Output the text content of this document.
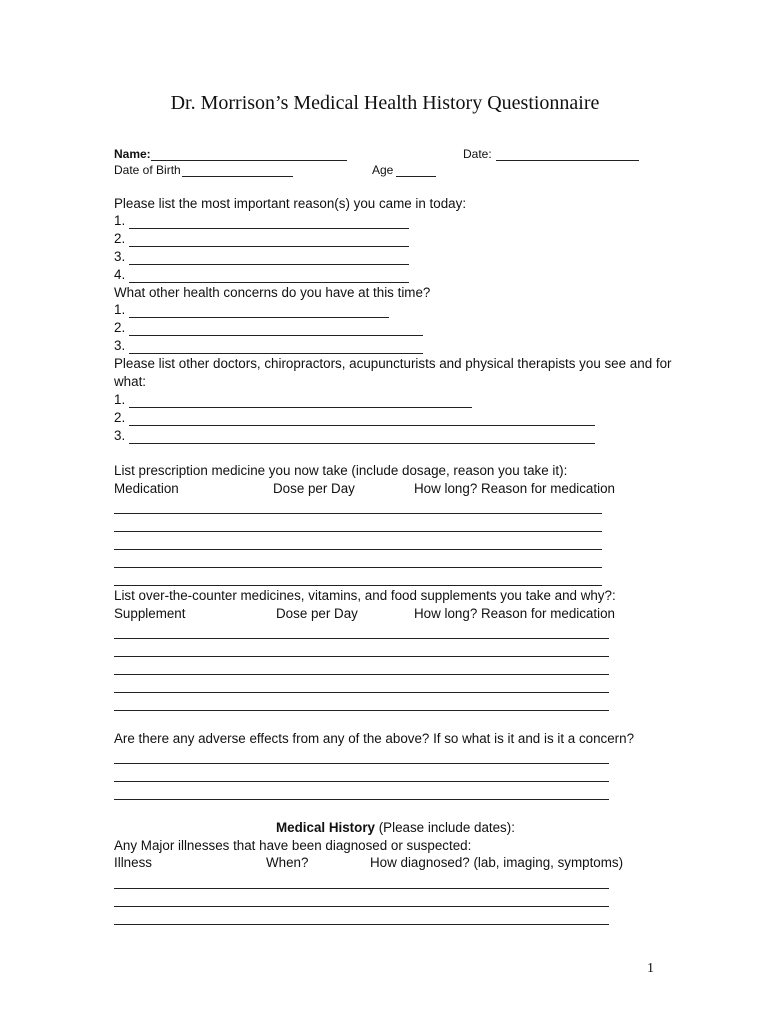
Dr. Morrison’s Medical Health History Questionnaire
Name:	Date:
Date of Birth	Age
Please list the most important reason(s) you came in today:
1.
2.
3.
4.
What other health concerns do you have at this time?
1.
2.
3.
Please list other doctors, chiropractors, acupuncturists and physical therapists you see and for
what:
1.
2.
3.
List prescription medicine you now take (include dosage, reason you take it):
Medication	Dose per Day	How long? Reason for medication
List over-the-counter medicines, vitamins, and food supplements you take and why?:
Supplement	Dose per Day	How long? Reason for medication
Are there any adverse effects from any of the above? If so what is it and is it a concern?
Medical History (Please include dates):
Any Major illnesses that have been diagnosed or suspected:
Illness	When?	How diagnosed? (lab, imaging, symptoms)
1
